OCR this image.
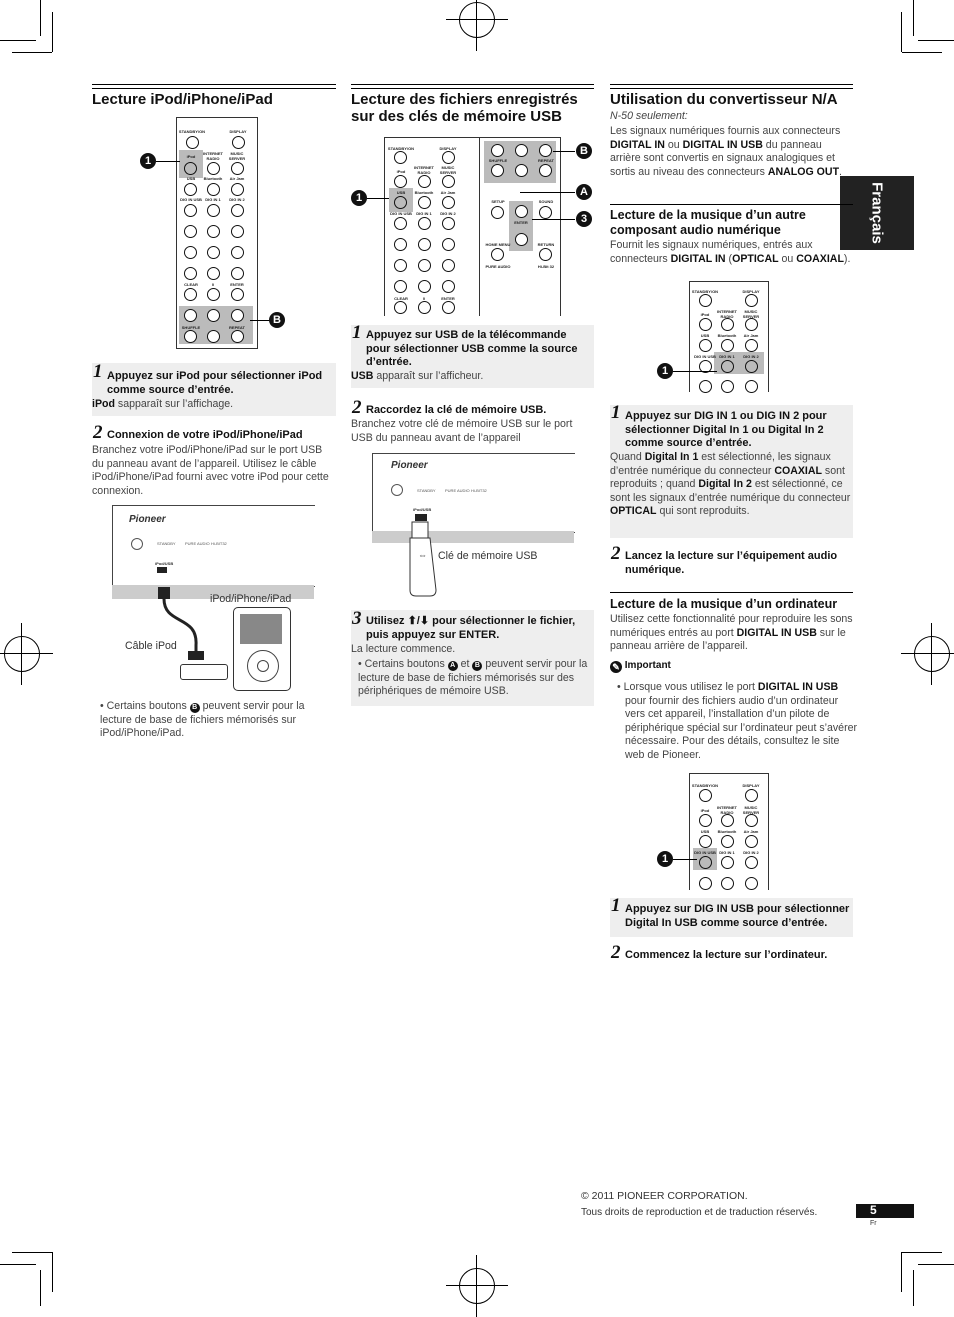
Français
Lecture iPod/iPhone/iPad
STANDBY/ON	DISPLAY
iPod
INTERNET RADIO
MUSIC SERVER
USB	Bluetooth	Air Jam
DIG IN USB DIG IN 1	DIG IN 2
CLEAR	0	ENTER
SHUFFLE	REPEAT
1
B
1 Appuyez sur iPod pour sélectionner iPod comme source d’entrée.
iPod sapparaît sur l’affichage.
2 Connexion de votre iPod/iPhone/iPad
Branchez votre iPod/iPhone/iPad sur le port USB du panneau avant de l’appareil. Utilisez le câble iPod/iPhone/iPad fourni avec votre iPod pour cette connexion.
Pioneer
STANDBY PURE AUDIO Hi-BIT32
iPod/USB
iPod/iPhone/iPad
Câble iPod
• Certains boutons B peuvent servir pour la lecture de base de fichiers mémorisés sur iPod/iPhone/iPad.
Lecture des fichiers enregistrés sur des clés de mémoire USB
STANDBY/ON	DISPLAY
INTERNET RADIO
MUSIC SERVER
iPod
USB	Bluetooth	Air Jam
DIG IN USB	DIG IN 1	DIG IN 2
CLEAR	0	ENTER
SHUFFLE	REPEAT
SETUP	SOUND
ENTER
HOME MENU	RETURN
PURE AUDIO	Hi-Bit 32
1
B
A
3
1 Appuyez sur USB de la télécommande pour sélectionner USB comme la source d’entrée.
USB apparaît sur l’afficheur.
2 Raccordez la clé de mémoire USB.
Branchez votre clé de mémoire USB sur le port USB du panneau avant de l’appareil
Pioneer
STANDBY PURE AUDIO Hi-BIT32
iPod/USB
⇔ Clé de mémoire USB
3 Utilisez ⬆/⬇ pour sélectionner le fichier, puis appuyez sur ENTER.
La lecture commence.
• Certains boutons A et B peuvent servir pour la lecture de base de fichiers mémorisés sur des périphériques de mémoire USB.
Utilisation du convertisseur N/A
N-50 seulement:
Les signaux numériques fournis aux connecteurs DIGITAL IN ou DIGITAL IN USB du panneau arrière sont convertis en signaux analogiques et sortis au niveau des connecteurs ANALOG OUT.
Lecture de la musique d’un autre composant audio numérique
Fournit les signaux numériques, entrés aux connecteurs DIGITAL IN (OPTICAL ou COAXIAL).
STANDBY/ON	DISPLAY
iPod
INTERNET RADIO
MUSIC SERVER
USB	Bluetooth	Air Jam
DIG IN USB DIG IN 1	DIG IN 2
1
1 Appuyez sur DIG IN 1 ou DIG IN 2 pour sélectionner Digital In 1 ou Digital In 2 comme source d’entrée.
Quand Digital In 1 est sélectionné, les signaux d’entrée numérique du connecteur COAXIAL sont reproduits ; quand Digital In 2 est sélectionné, ce sont les signaux d’entrée numérique du connecteur OPTICAL qui sont reproduits.
2 Lancez la lecture sur l’équipement audio numérique.
Lecture de la musique d’un ordinateur
Utilisez cette fonctionnalité pour reproduire les sons numériques entrés au port DIGITAL IN USB sur le panneau arrière de l’appareil.
✎ Important
• Lorsque vous utilisez le port DIGITAL IN USB pour fournir des fichiers audio d’un ordinateur vers cet appareil, l’installation d’un pilote de périphérique spécial sur l’ordinateur peut s’avérer nécessaire. Pour des détails, consultez le site web de Pioneer.
STANDBY/ON	DISPLAY
iPod
INTERNET RADIO
MUSIC SERVER
USB	Bluetooth	Air Jam
DIG IN USB DIG IN 1	DIG IN 2
1
1 Appuyez sur DIG IN USB pour sélectionner Digital In USB comme source d’entrée.
2 Commencez la lecture sur l’ordinateur.
© 2011 PIONEER CORPORATION.
Tous droits de reproduction et de traduction réservés.	5
Fr
